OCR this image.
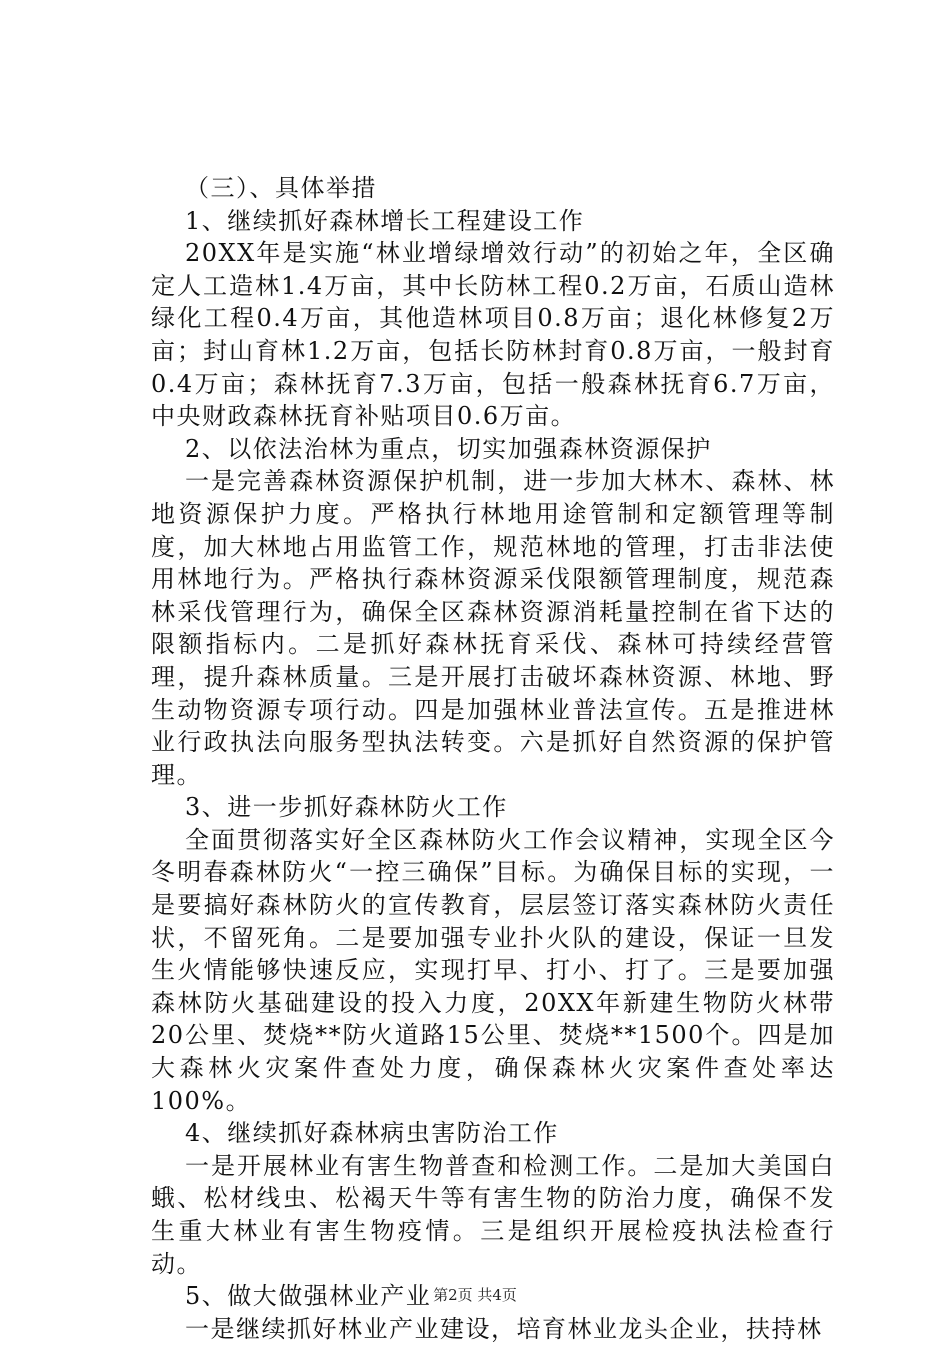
（三）、具体举措

1、继续抓好森林增长工程建设工作

20XX年是实施“林业增绿增效行动”的初始之年，全区确定人工造林1.4万亩，其中长防林工程0.2万亩，石质山造林绿化工程0.4万亩，其他造林项目0.8万亩；退化林修复2万亩；封山育林1.2万亩，包括长防林封育0.8万亩，一般封育0.4万亩；森林抚育7.3万亩，包括一般森林抚育6.7万亩，中央财政森林抚育补贴项目0.6万亩。

2、以依法治林为重点，切实加强森林资源保护

一是完善森林资源保护机制，进一步加大林木、森林、林地资源保护力度。严格执行林地用途管制和定额管理等制度，加大林地占用监管工作，规范林地的管理，打击非法使用林地行为。严格执行森林资源采伐限额管理制度，规范森林采伐管理行为，确保全区森林资源消耗量控制在省下达的限额指标内。二是抓好森林抚育采伐、森林可持续经营管理，提升森林质量。三是开展打击破坏森林资源、林地、野生动物资源专项行动。四是加强林业普法宣传。五是推进林业行政执法向服务型执法转变。六是抓好自然资源的保护管理。

3、进一步抓好森林防火工作

全面贯彻落实好全区森林防火工作会议精神，实现全区今冬明春森林防火“一控三确保”目标。为确保目标的实现，一是要搞好森林防火的宣传教育，层层签订落实森林防火责任状，不留死角。二是要加强专业扑火队的建设，保证一旦发生火情能够快速反应，实现打早、打小、打了。三是要加强森林防火基础建设的投入力度，20XX年新建生物防火林带20公里、焚烧**防火道路15公里、焚烧**1500个。四是加大森林火灾案件查处力度，确保森林火灾案件查处率达100%。

4、继续抓好森林病虫害防治工作

一是开展林业有害生物普查和检测工作。二是加大美国白蛾、松材线虫、松褐天牛等有害生物的防治力度，确保不发生重大林业有害生物疫情。三是组织开展检疫执法检查行动。

5、做大做强林业产业

一是继续抓好林业产业建设，培育林业龙头企业，扶持林

第2页 共4页
